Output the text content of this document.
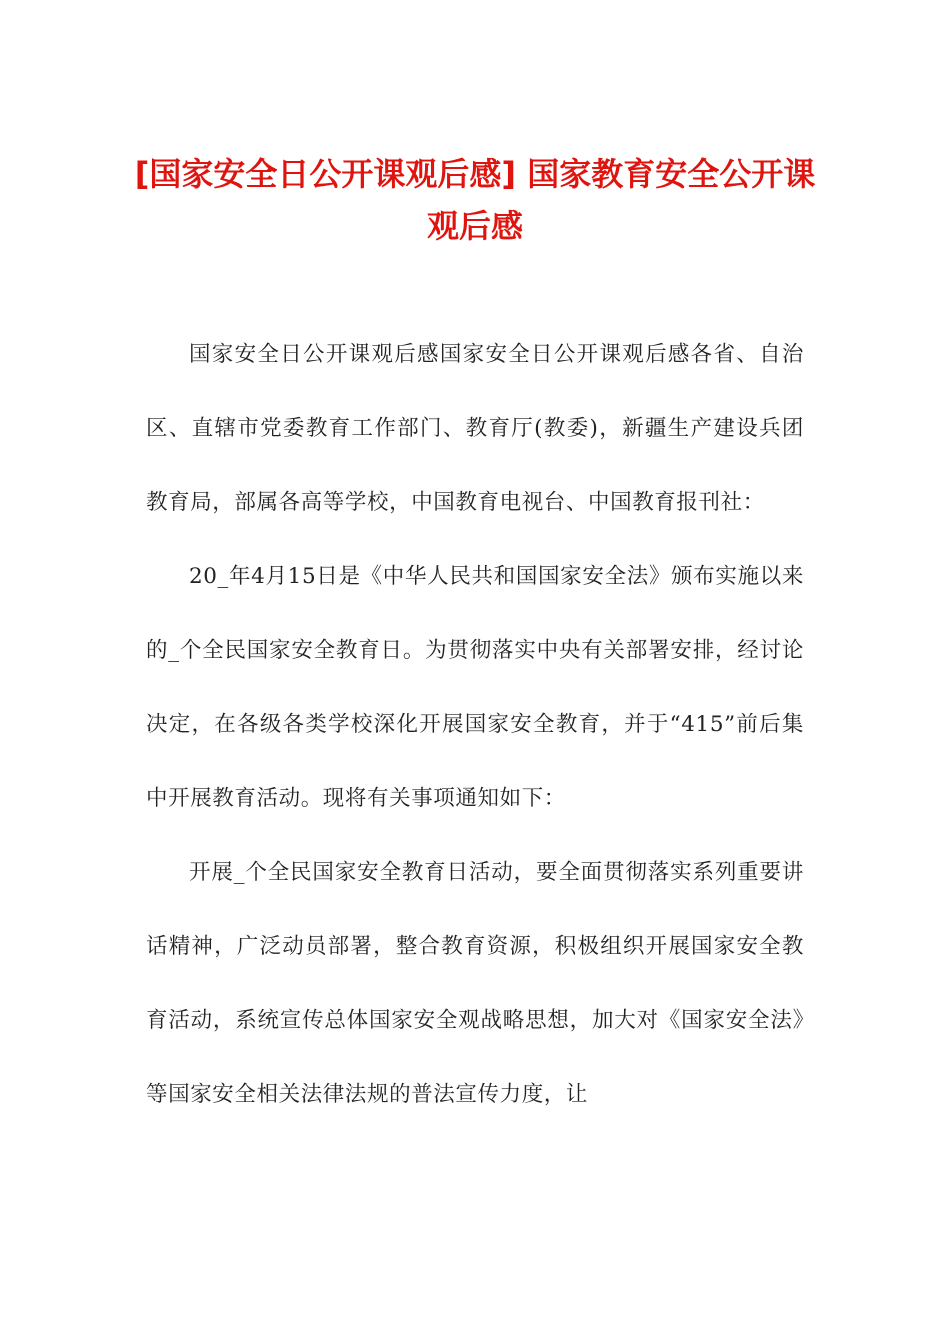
[国家安全日公开课观后感] 国家教育安全公开课观后感

国家安全日公开课观后感国家安全日公开课观后感各省、自治区、直辖市党委教育工作部门、教育厅(教委)，新疆生产建设兵团教育局，部属各高等学校，中国教育电视台、中国教育报刊社：

20_年4月15日是《中华人民共和国国家安全法》颁布实施以来的_个全民国家安全教育日。为贯彻落实中央有关部署安排，经讨论决定，在各级各类学校深化开展国家安全教育，并于“415”前后集中开展教育活动。现将有关事项通知如下：

开展_个全民国家安全教育日活动，要全面贯彻落实系列重要讲话精神，广泛动员部署，整合教育资源，积极组织开展国家安全教育活动，系统宣传总体国家安全观战略思想，加大对《国家安全法》等国家安全相关法律法规的普法宣传力度，让
